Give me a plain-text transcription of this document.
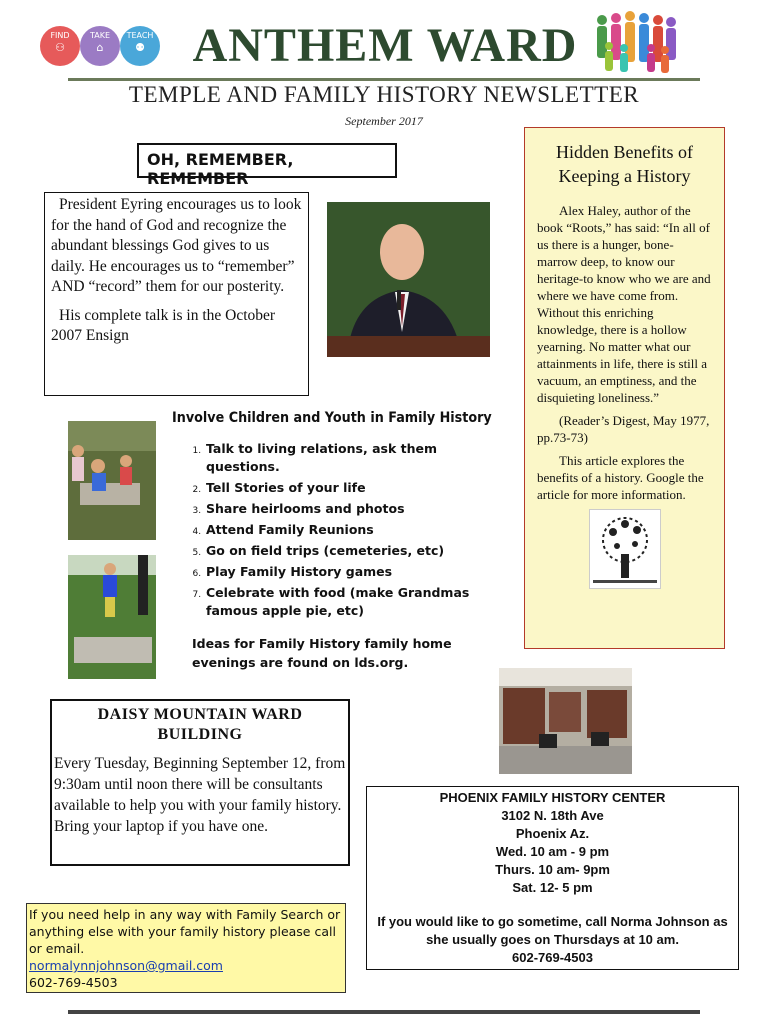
FIND
⚇
TAKE
⌂
TEACH
⚉ ANTHEM WARD
TEMPLE AND FAMILY HISTORY NEWSLETTER
September 2017
OH, REMEMBER, REMEMBER

President Eyring encourages us to look for the hand of God and recognize the abundant blessings God gives to us daily. He encourages us to “remember” AND “record” them for our posterity.

His complete talk is in the October 2007 Ensign

Hidden Benefits of Keeping a History

Alex Haley, author of the book “Roots,” has said: “In all of us there is a hunger, bone-marrow deep, to know our heritage-to know who we are and where we have come from. Without this enriching knowledge, there is a hollow yearning. No matter what our attainments in life, there is still a vacuum, an emptiness, and the disquieting loneliness.”

(Reader’s Digest, May 1977, pp.73-73)

This article explores the benefits of a history. Google the article for more information.

Involve Children and Youth in Family History
1. Talk to living relations, ask them questions.
2. Tell Stories of your life
3. Share heirlooms and photos
4. Attend Family Reunions
5. Go on field trips (cemeteries, etc)
6. Play Family History games
7. Celebrate with food (make Grandmas famous apple pie, etc)
Ideas for Family History family home evenings are found on lds.org.
DAISY MOUNTAIN WARD BUILDING

Every Tuesday, Beginning September 12, from 9:30am until noon there will be consultants available to help you with your family history. Bring your laptop if you have one.

PHOENIX FAMILY HISTORY CENTER
3102 N. 18th Ave
Phoenix Az.
Wed. 10 am - 9 pm
Thurs. 10 am- 9pm
Sat. 12- 5 pm
If you would like to go sometime, call Norma Johnson as she usually goes on Thursdays at 10 am.
602-769-4503
If you need help in any way with Family Search or anything else with your family history please call or email.
normalynnjohnson@gmail.com
602-769-4503
